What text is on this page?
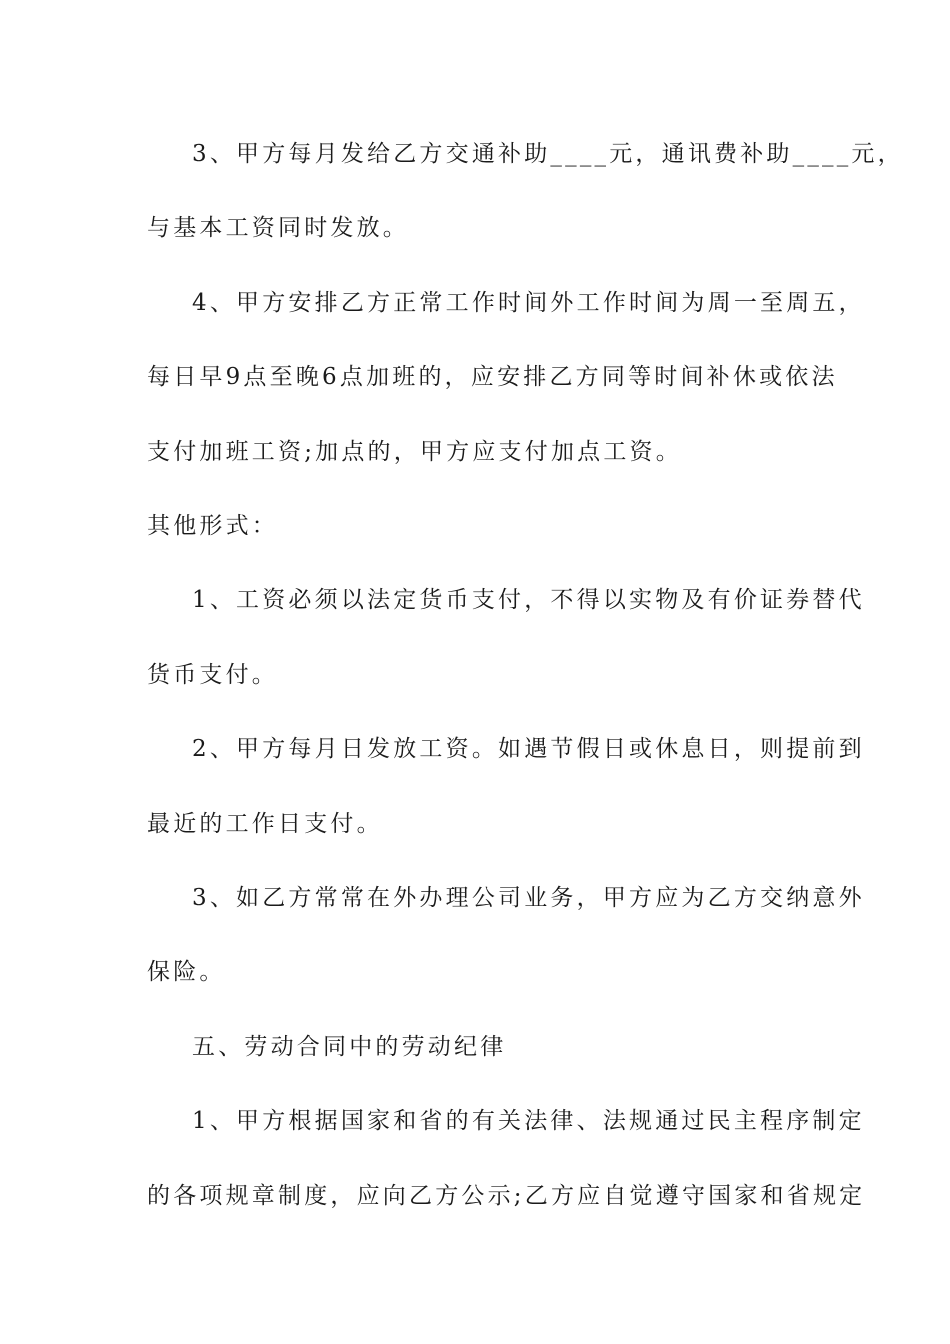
3、甲方每月发给乙方交通补助____元，通讯费补助____元，
与基本工资同时发放。
4、甲方安排乙方正常工作时间外工作时间为周一至周五，
每日早9点至晚6点加班的，应安排乙方同等时间补休或依法
支付加班工资;加点的，甲方应支付加点工资。
其他形式：
1、工资必须以法定货币支付，不得以实物及有价证券替代
货币支付。
2、甲方每月日发放工资。如遇节假日或休息日，则提前到
最近的工作日支付。
3、如乙方常常在外办理公司业务，甲方应为乙方交纳意外
保险。
五、劳动合同中的劳动纪律
1、甲方根据国家和省的有关法律、法规通过民主程序制定
的各项规章制度，应向乙方公示;乙方应自觉遵守国家和省规定
